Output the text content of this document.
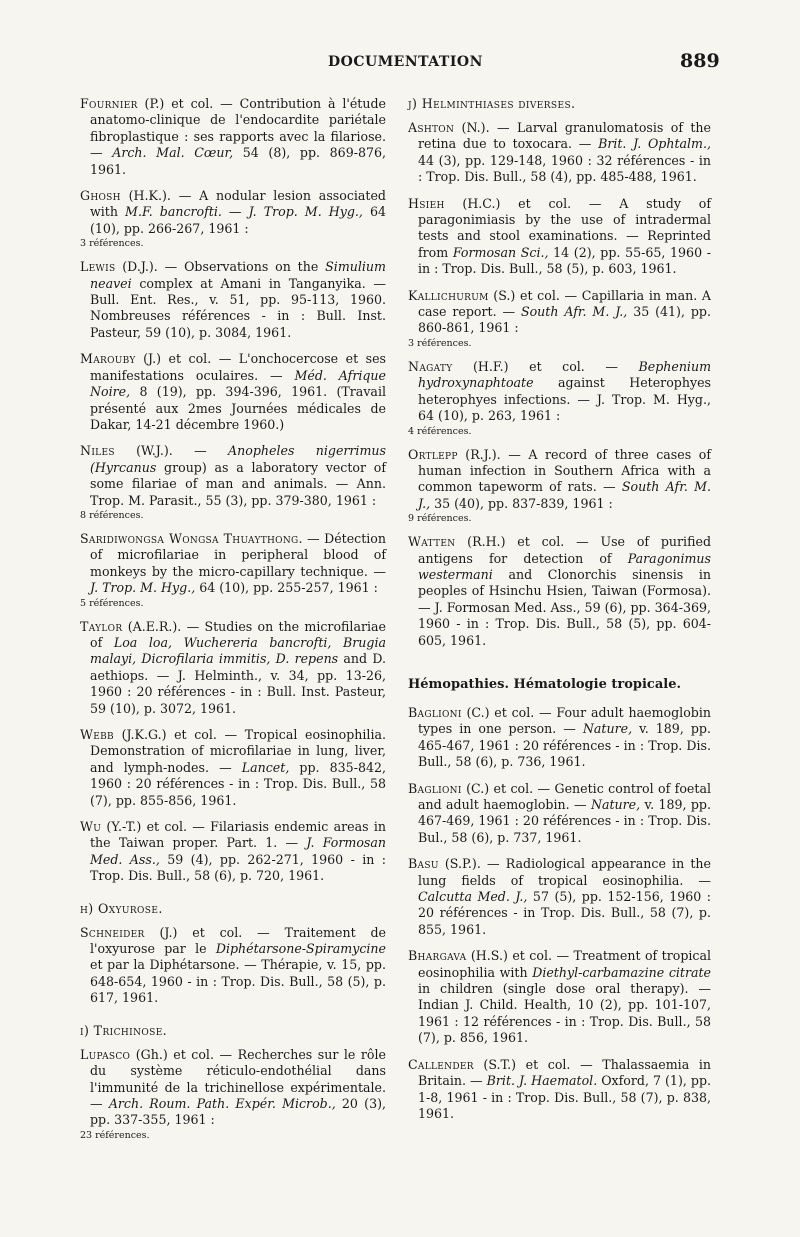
DOCUMENTATION	889

Fournier (P.) et col. — Contribution à l'étude anatomo-clinique de l'endocardite pariétale fibroplastique : ses rapports avec la filariose. — Arch. Mal. Cœur, 54 (8), pp. 869-876, 1961.

Ghosh (H.K.). — A nodular lesion associated with M.F. bancrofti. — J. Trop. M. Hyg., 64 (10), pp. 266-267, 1961 :
3 références.

Lewis (D.J.). — Observations on the Simulium neavei complex at Amani in Tanganyika. — Bull. Ent. Res., v. 51, pp. 95-113, 1960. Nombreuses références - in : Bull. Inst. Pasteur, 59 (10), p. 3084, 1961.

Marouby (J.) et col. — L'onchocercose et ses manifestations oculaires. — Méd. Afrique Noire, 8 (19), pp. 394-396, 1961. (Travail présenté aux 2mes Journées médicales de Dakar, 14-21 décembre 1960.)

Niles (W.J.). — Anopheles nigerrimus (Hyrcanus group) as a laboratory vector of some filariae of man and animals. — Ann. Trop. M. Parasit., 55 (3), pp. 379-380, 1961 :
8 références.

Saridiwongsa Wongsa Thuaythong. — Détection of microfilariae in peripheral blood of monkeys by the micro-capillary technique. — J. Trop. M. Hyg., 64 (10), pp. 255-257, 1961 :
5 références.

Taylor (A.E.R.). — Studies on the microfilariae of Loa loa, Wuchereria bancrofti, Brugia malayi, Dicrofilaria immitis, D. repens and D. aethiops. — J. Helminth., v. 34, pp. 13-26, 1960 : 20 références - in : Bull. Inst. Pasteur, 59 (10), p. 3072, 1961.

Webb (J.K.G.) et col. — Tropical eosinophilia. Demonstration of microfilariae in lung, liver, and lymph-nodes. — Lancet, pp. 835-842, 1960 : 20 références - in : Trop. Dis. Bull., 58 (7), pp. 855-856, 1961.

Wu (Y.-T.) et col. — Filariasis endemic areas in the Taiwan proper. Part. 1. — J. Formosan Med. Ass., 59 (4), pp. 262-271, 1960 - in : Trop. Dis. Bull., 58 (6), p. 720, 1961.

h) Oxyurose.

Schneider (J.) et col. — Traitement de l'oxyurose par le Diphétarsone-Spiramycine et par la Diphétarsone. — Thérapie, v. 15, pp. 648-654, 1960 - in : Trop. Dis. Bull., 58 (5), p. 617, 1961.

i) Trichinose.

Lupasco (Gh.) et col. — Recherches sur le rôle du système réticulo-endothélial dans l'immunité de la trichinellose expérimentale. — Arch. Roum. Path. Expér. Microb., 20 (3), pp. 337-355, 1961 :
23 références.

j) Helminthiases diverses.

Ashton (N.). — Larval granulomatosis of the retina due to toxocara. — Brit. J. Ophtalm., 44 (3), pp. 129-148, 1960 : 32 références - in : Trop. Dis. Bull., 58 (4), pp. 485-488, 1961.

Hsieh (H.C.) et col. — A study of paragonimiasis by the use of intradermal tests and stool examinations. — Reprinted from Formosan Sci., 14 (2), pp. 55-65, 1960 - in : Trop. Dis. Bull., 58 (5), p. 603, 1961.

Kallichurum (S.) et col. — Capillaria in man. A case report. — South Afr. M. J., 35 (41), pp. 860-861, 1961 :
3 références.

Nagaty (H.F.) et col. — Bephenium hydroxynaphtoate against Heterophyes heterophyes infections. — J. Trop. M. Hyg., 64 (10), p. 263, 1961 :
4 références.

Ortlepp (R.J.). — A record of three cases of human infection in Southern Africa with a common tapeworm of rats. — South Afr. M. J., 35 (40), pp. 837-839, 1961 :
9 références.

Watten (R.H.) et col. — Use of purified antigens for detection of Paragonimus westermani and Clonorchis sinensis in peoples of Hsinchu Hsien, Taiwan (Formosa). — J. Formosan Med. Ass., 59 (6), pp. 364-369, 1960 - in : Trop. Dis. Bull., 58 (5), pp. 604-605, 1961.

Hémopathies. Hématologie tropicale.

Baglioni (C.) et col. — Four adult haemoglobin types in one person. — Nature, v. 189, pp. 465-467, 1961 : 20 références - in : Trop. Dis. Bull., 58 (6), p. 736, 1961.

Baglioni (C.) et col. — Genetic control of foetal and adult haemoglobin. — Nature, v. 189, pp. 467-469, 1961 : 20 références - in : Trop. Dis. Bul., 58 (6), p. 737, 1961.

Basu (S.P.). — Radiological appearance in the lung fields of tropical eosinophilia. — Calcutta Med. J., 57 (5), pp. 152-156, 1960 : 20 références - in Trop. Dis. Bull., 58 (7), p. 855, 1961.

Bhargava (H.S.) et col. — Treatment of tropical eosinophilia with Diethyl-carbamazine citrate in children (single dose oral therapy). — Indian J. Child. Health, 10 (2), pp. 101-107, 1961 : 12 références - in : Trop. Dis. Bull., 58 (7), p. 856, 1961.

Callender (S.T.) et col. — Thalassaemia in Britain. — Brit. J. Haematol. Oxford, 7 (1), pp. 1-8, 1961 - in : Trop. Dis. Bull., 58 (7), p. 838, 1961.
